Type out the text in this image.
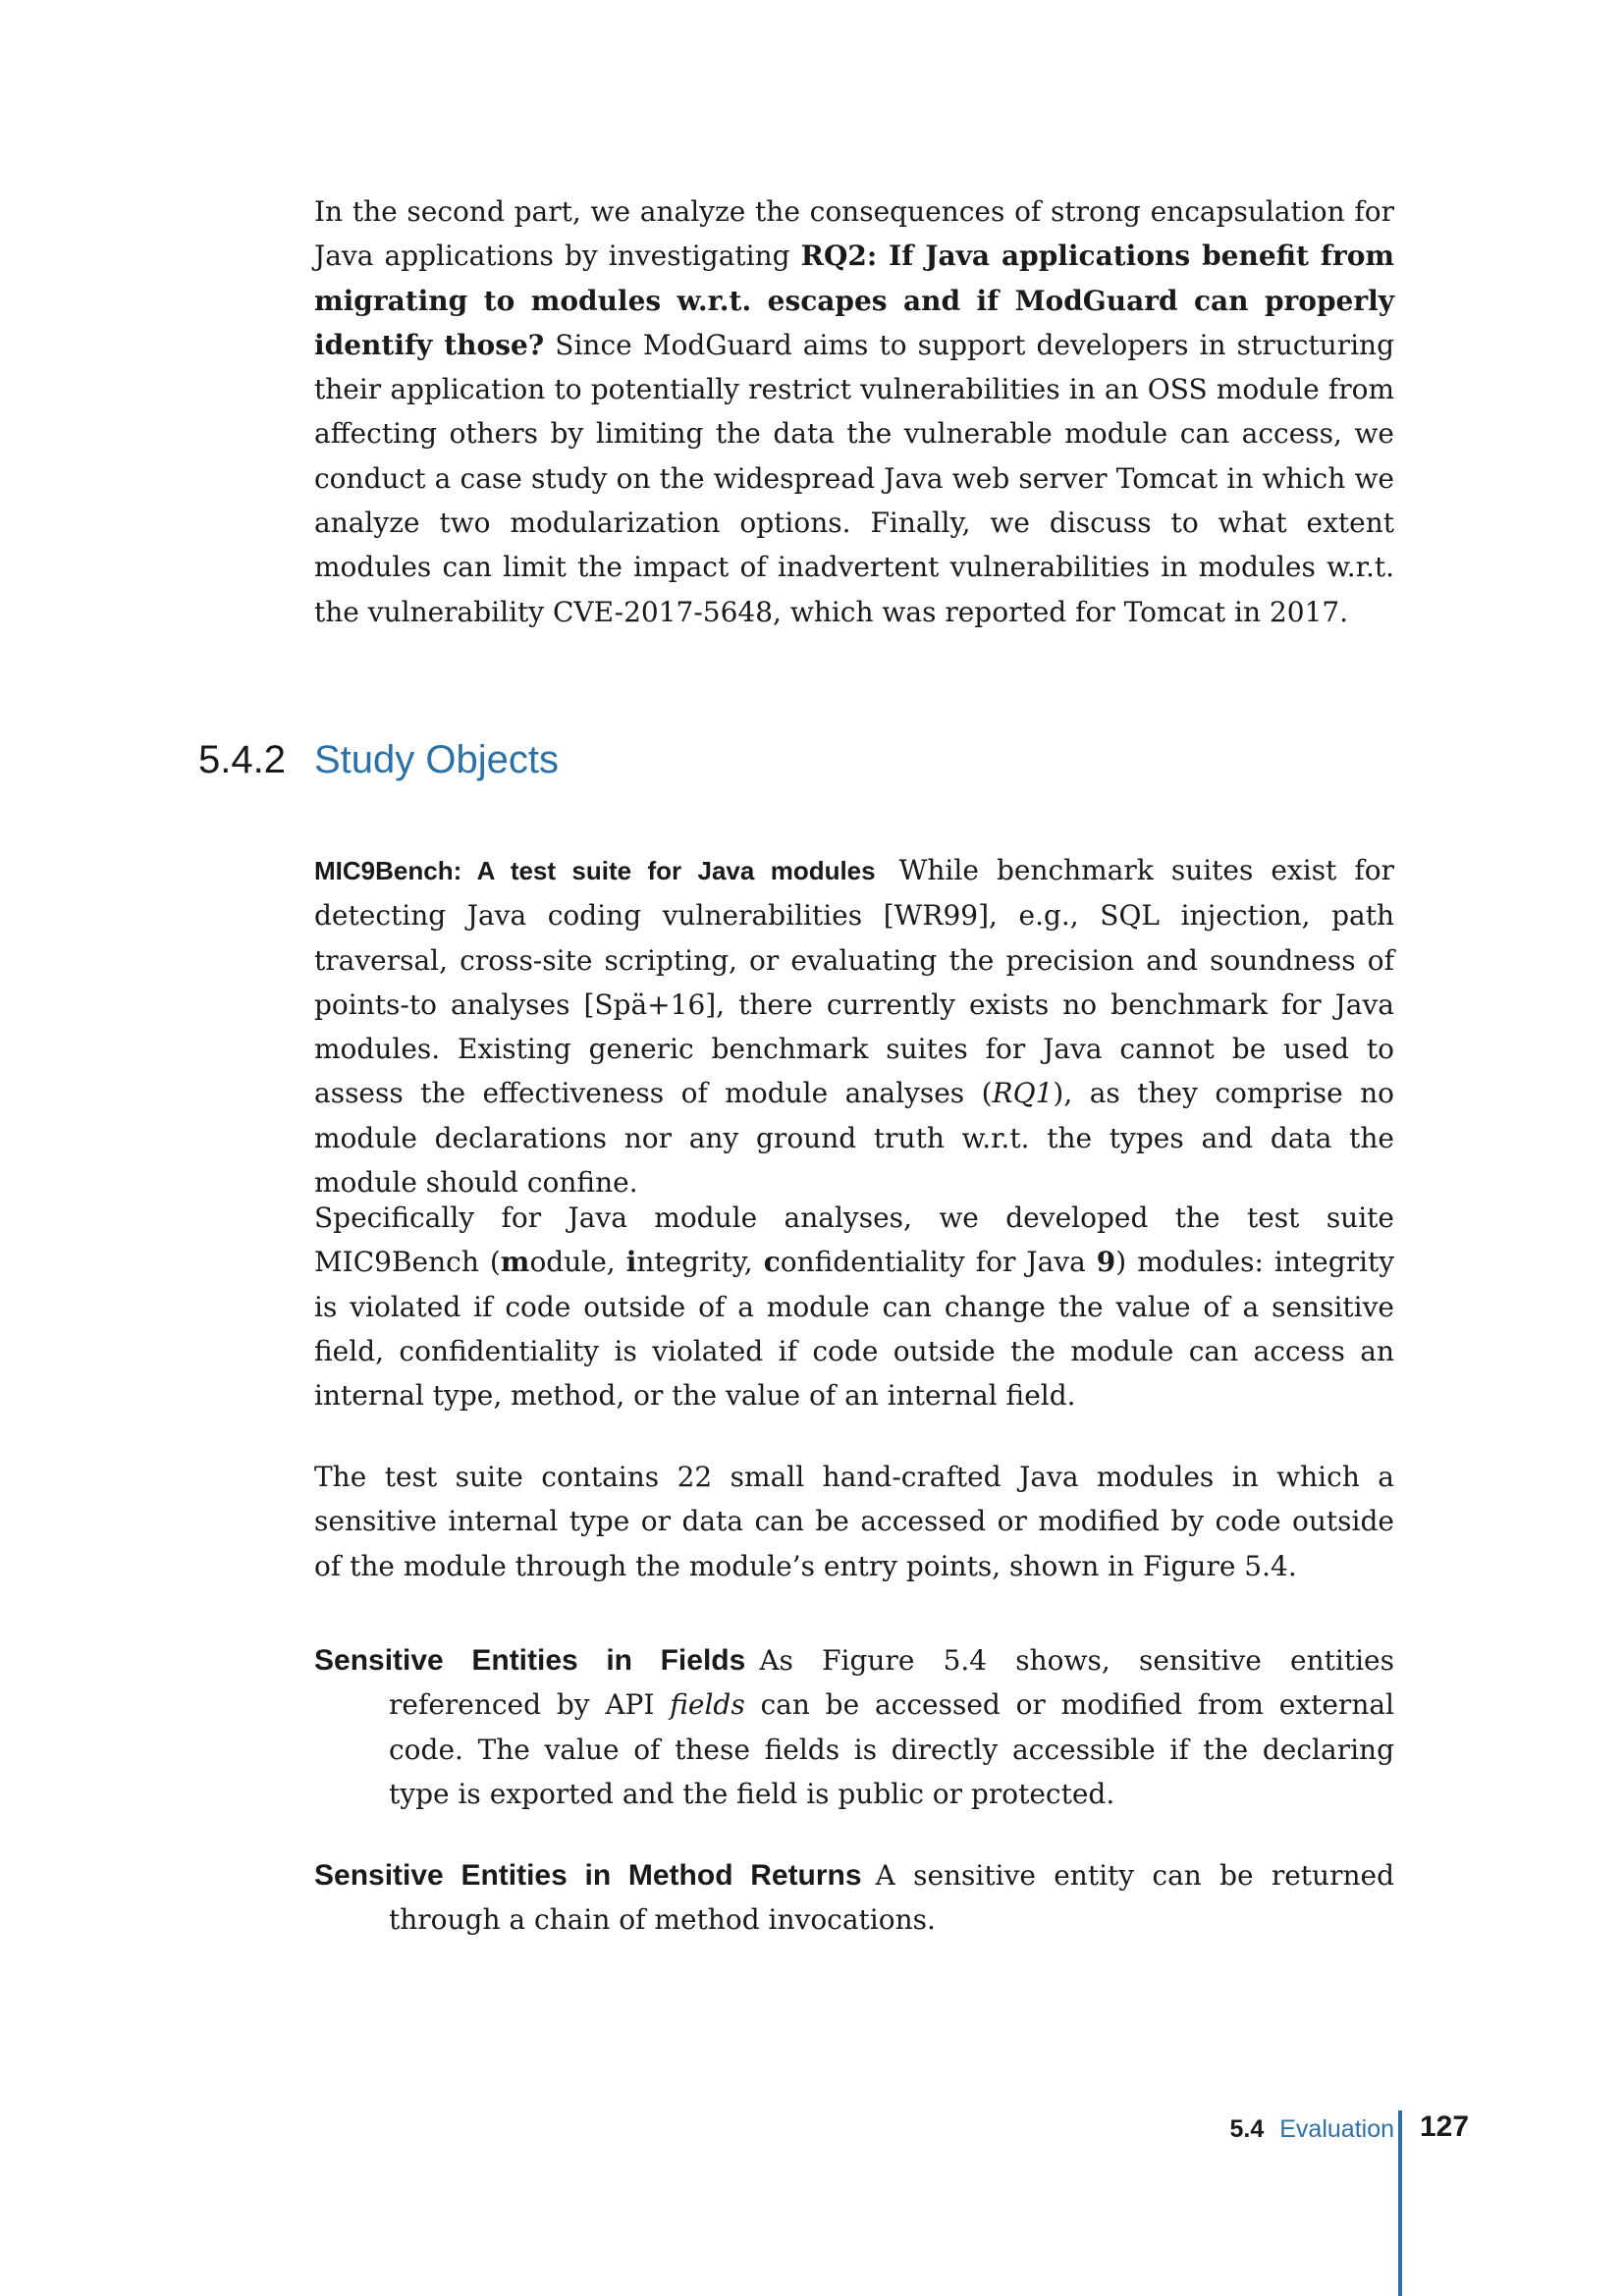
In the second part, we analyze the consequences of strong encapsulation for Java applications by investigating RQ2: If Java applications benefit from migrating to modules w.r.t. escapes and if ModGuard can properly identify those? Since ModGuard aims to support developers in structuring their application to potentially restrict vulnerabilities in an OSS module from affecting others by limiting the data the vulnerable module can access, we conduct a case study on the widespread Java web server Tomcat in which we analyze two modularization options. Finally, we discuss to what extent modules can limit the impact of inadvertent vulnerabilities in modules w.r.t. the vulnerability CVE-2017-5648, which was reported for Tomcat in 2017.

5.4.2 Study Objects

MIC9Bench: A test suite for Java modules While benchmark suites exist for detecting Java coding vulnerabilities [WR99], e.g., SQL injection, path traversal, cross-site scripting, or evaluating the precision and soundness of points-to analyses [Spä+16], there currently exists no benchmark for Java modules. Existing generic benchmark suites for Java cannot be used to assess the effectiveness of module analyses (RQ1), as they comprise no module declarations nor any ground truth w.r.t. the types and data the module should confine.

Specifically for Java module analyses, we developed the test suite MIC9Bench (module, integrity, confidentiality for Java 9) modules: integrity is violated if code outside of a module can change the value of a sensitive field, confidentiality is violated if code outside the module can access an internal type, method, or the value of an internal field.

The test suite contains 22 small hand-crafted Java modules in which a sensitive internal type or data can be accessed or modified by code outside of the module through the module’s entry points, shown in Figure 5.4.

Sensitive Entities in Fields As Figure 5.4 shows, sensitive entities referenced by API fields can be accessed or modified from external code. The value of these fields is directly accessible if the declaring type is exported and the field is public or protected.
Sensitive Entities in Method Returns A sensitive entity can be returned through a chain of method invocations.
5.4 Evaluation 127
